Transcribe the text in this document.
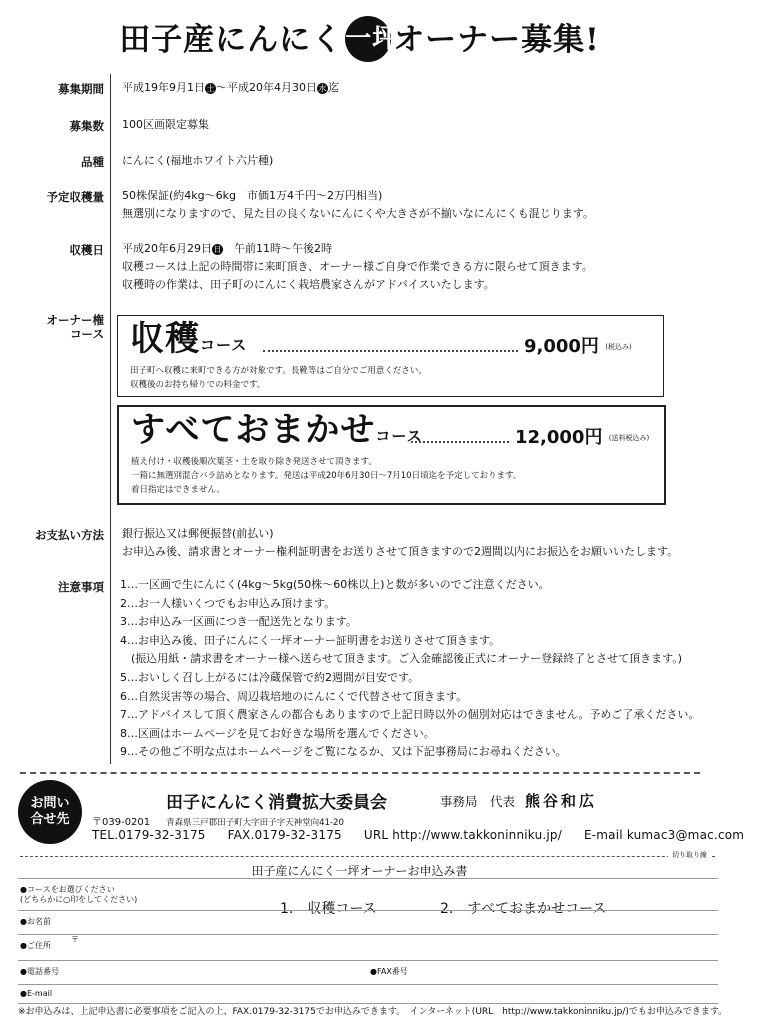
田子産にんにく一坪オーナー募集!
募集期間 平成19年9月1日 土 ～平成20年4月30日 水 迄
募集数 100区画限定募集
品種 にんにく(福地ホワイト六片種)
予定収穫量 50株保証(約4kg～6kg　市価1万4千円～2万円相当)
無選別になりますので、見た目の良くないにんにくや大きさが不揃いなにんにくも混じります。
収穫日 平成20年6月29日 日　午前11時～午後2時
収穫コースは上記の時間帯に来町頂き、オーナー様ご自身で作業できる方に限らせて頂きます。
収穫時の作業は、田子町のにんにく栽培農家さんがアドバイスいたします。
オーナー権
コース 収穫コース	9,000円 (税込み)
田子町へ収穫に来町できる方が対象です。長靴等はご自分でご用意ください。
収穫後のお持ち帰りでの料金です。
すべておまかせコース	12,000円 (送料税込み)
植え付け・収穫後順次葉茎・土を取り除き発送させて頂きます。
一箱に無選別混合バラ詰めとなります。発送は平成20年6月30日～7月10日頃迄を予定しております。
着日指定はできません。
お支払い方法 銀行振込又は郵便振替(前払い)
お申込み後、請求書とオーナー権利証明書をお送りさせて頂きますので2週間以内にお振込をお願いいたします。
注意事項 1…一区画で生にんにく(4kg～5kg(50株～60株以上)と数が多いのでご注意ください。
2…お一人様いくつでもお申込み頂けます。
3…お申込み一区画につき一配送先となります。
4…お申込み後、田子にんにく一坪オーナー証明書をお送りさせて頂きます。
　(振込用紙・請求書をオーナー様へ送らせて頂きます。ご入金確認後正式にオーナー登録終了とさせて頂きます。)
5…おいしく召し上がるには冷蔵保管で約2週間が目安です。
6…自然災害等の場合、周辺栽培地のにんにくで代替させて頂きます。
7…アドバイスして頂く農家さんの都合もありますので上記日時以外の個別対応はできません。予めご了承ください。
8…区画はホームページを見てお好きな場所を選んでください。
9…その他ご不明な点はホームページをご覧になるか、又は下記事務局にお尋ねください。
お問い
合せ先
田子にんにく消費拡大委員会	事務局　代表 熊谷和広
〒039-0201 青森県三戸郡田子町大字田子字天神堂向41-20
TEL.0179-32-3175 FAX.0179-32-3175 URL http://www.takkoninniku.jp/ E-mail kumac3@mac.com
切り取り線
田子産にんにく一坪オーナーお申込み書
●コースをお選びください
(どちらかに○印をしてください)
1.　収穫コース	2.　すべておまかせコース
●お名前
●ご住所〒
●電話番号	●FAX番号
●E-mail
※お申込みは、上記申込書に必要事項をご記入の上、FAX.0179-32-3175でお申込みできます。　インターネット(URL　http://www.takkoninniku.jp/)でもお申込みできます。
